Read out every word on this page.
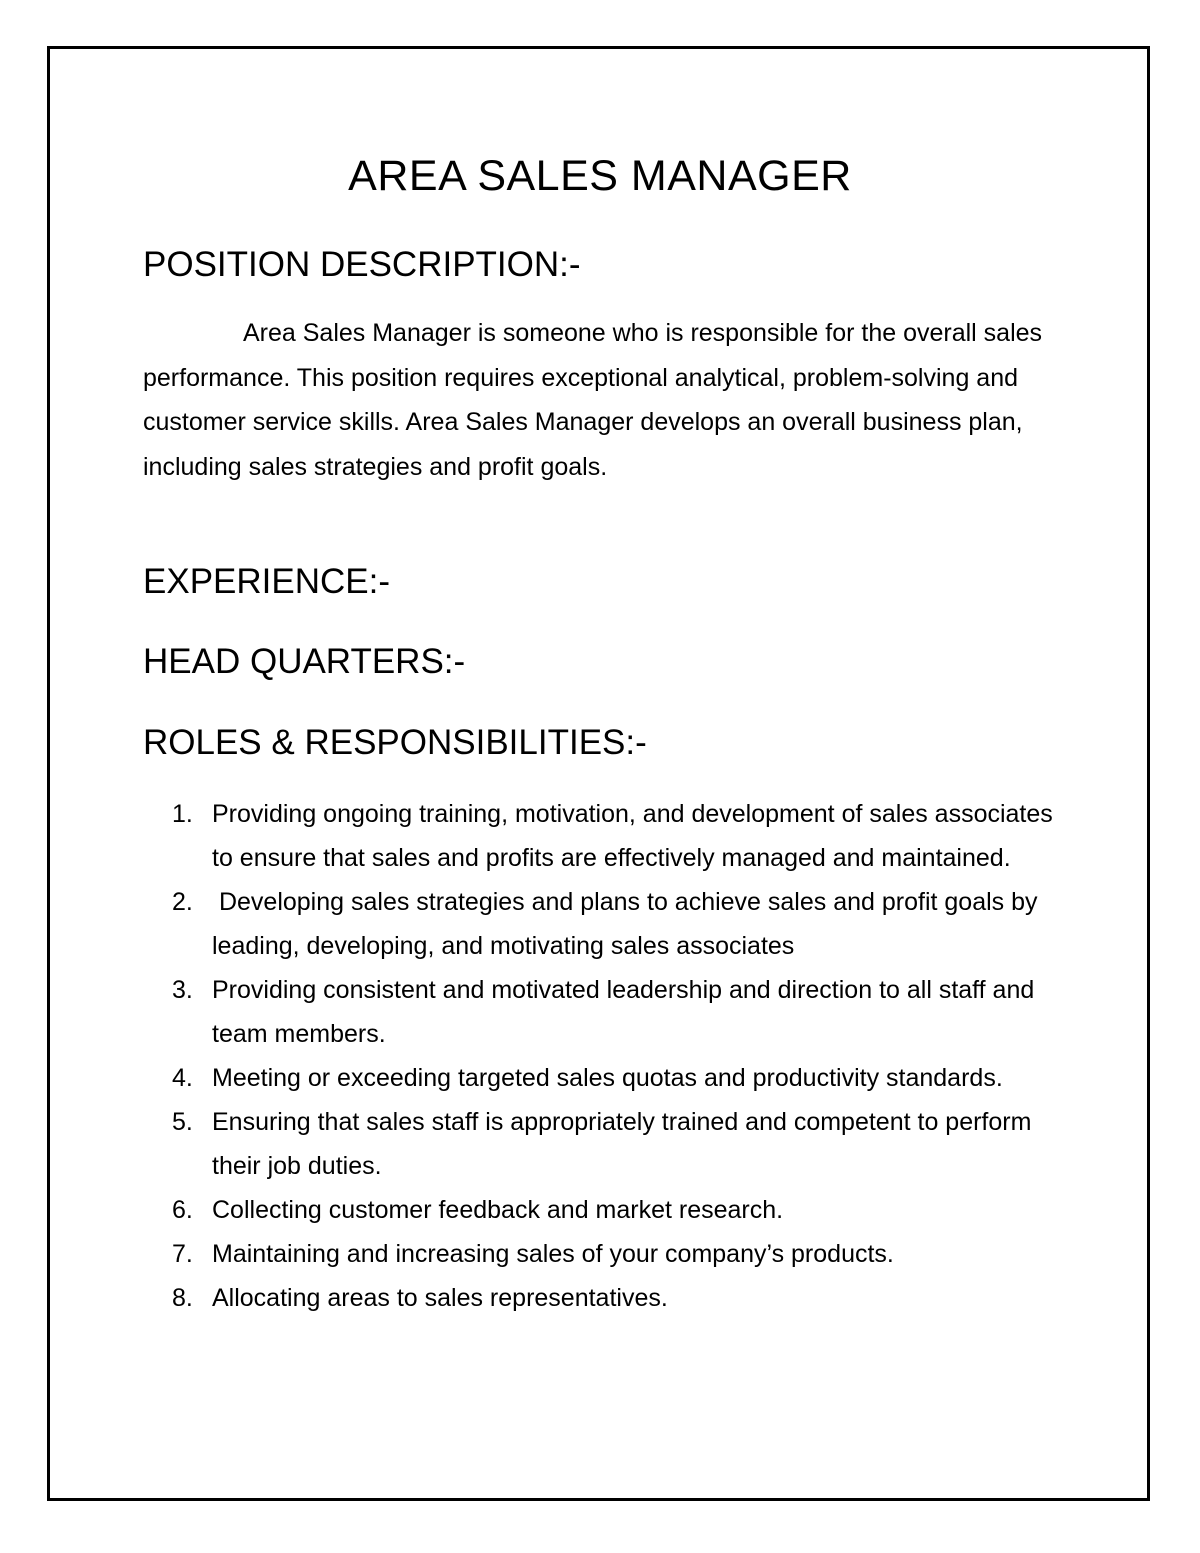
AREA SALES MANAGER
POSITION DESCRIPTION:-

Area Sales Manager is someone who is responsible for the overall sales performance. This position requires exceptional analytical, problem-solving and customer service skills. Area Sales Manager develops an overall business plan, including sales strategies and profit goals.

EXPERIENCE:-
HEAD QUARTERS:-
ROLES & RESPONSIBILITIES:-
1. Providing ongoing training, motivation, and development of sales associates to ensure that sales and profits are effectively managed and maintained.
2. Developing sales strategies and plans to achieve sales and profit goals by leading, developing, and motivating sales associates
3. Providing consistent and motivated leadership and direction to all staff and team members.
4. Meeting or exceeding targeted sales quotas and productivity standards.
5. Ensuring that sales staff is appropriately trained and competent to perform their job duties.
6. Collecting customer feedback and market research.
7. Maintaining and increasing sales of your company’s products.
8. Allocating areas to sales representatives.
